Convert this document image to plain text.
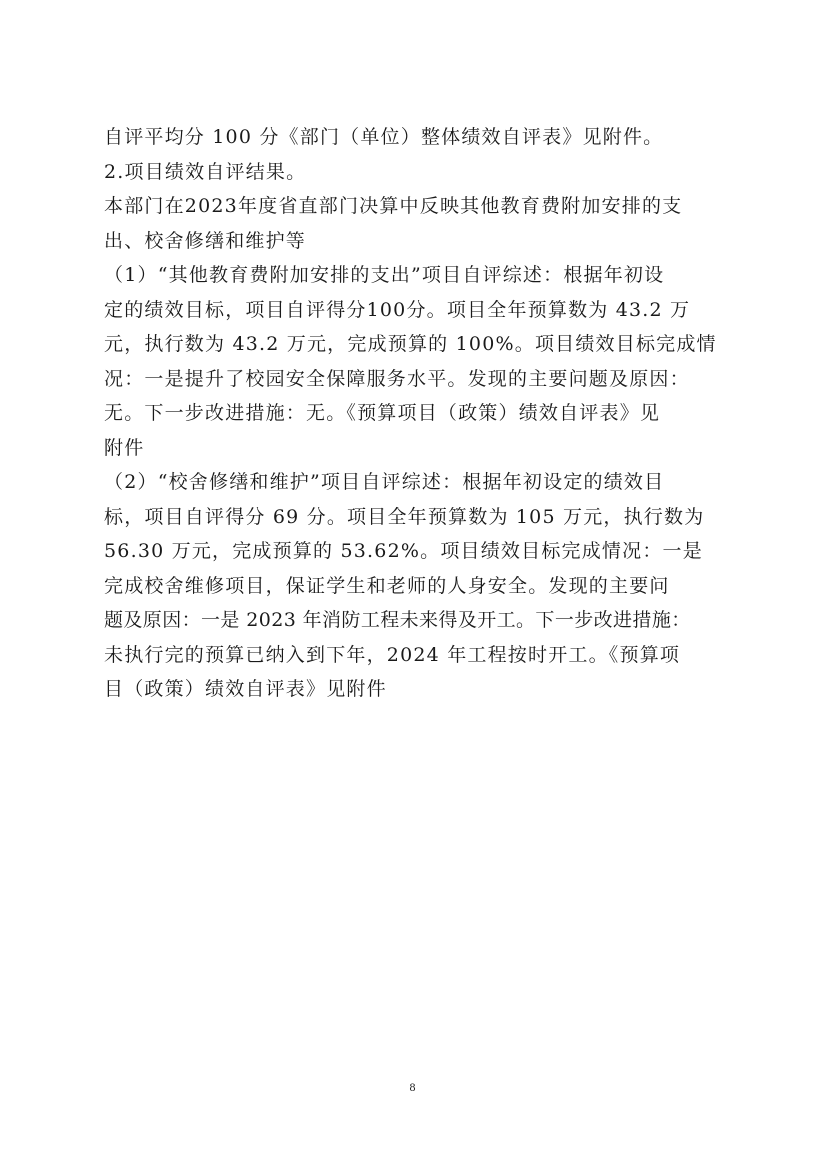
自评平均分 100 分《部门（单位）整体绩效自评表》见附件。
2.项目绩效自评结果。
本部门在2023年度省直部门决算中反映其他教育费附加安排的支
出、校舍修缮和维护等
（1）“其他教育费附加安排的支出”项目自评综述：根据年初设
定的绩效目标，项目自评得分100分。项目全年预算数为 43.2 万
元，执行数为 43.2 万元，完成预算的 100%。项目绩效目标完成情
况：一是提升了校园安全保障服务水平。发现的主要问题及原因：
无。下一步改进措施：无。《预算项目（政策）绩效自评表》见
附件
（2）“校舍修缮和维护”项目自评综述：根据年初设定的绩效目
标，项目自评得分 69 分。项目全年预算数为 105 万元，执行数为
56.30 万元，完成预算的 53.62%。项目绩效目标完成情况：一是
完成校舍维修项目，保证学生和老师的人身安全。发现的主要问
题及原因：一是 2023 年消防工程未来得及开工。下一步改进措施：
未执行完的预算已纳入到下年，2024 年工程按时开工。《预算项
目（政策）绩效自评表》见附件
8
